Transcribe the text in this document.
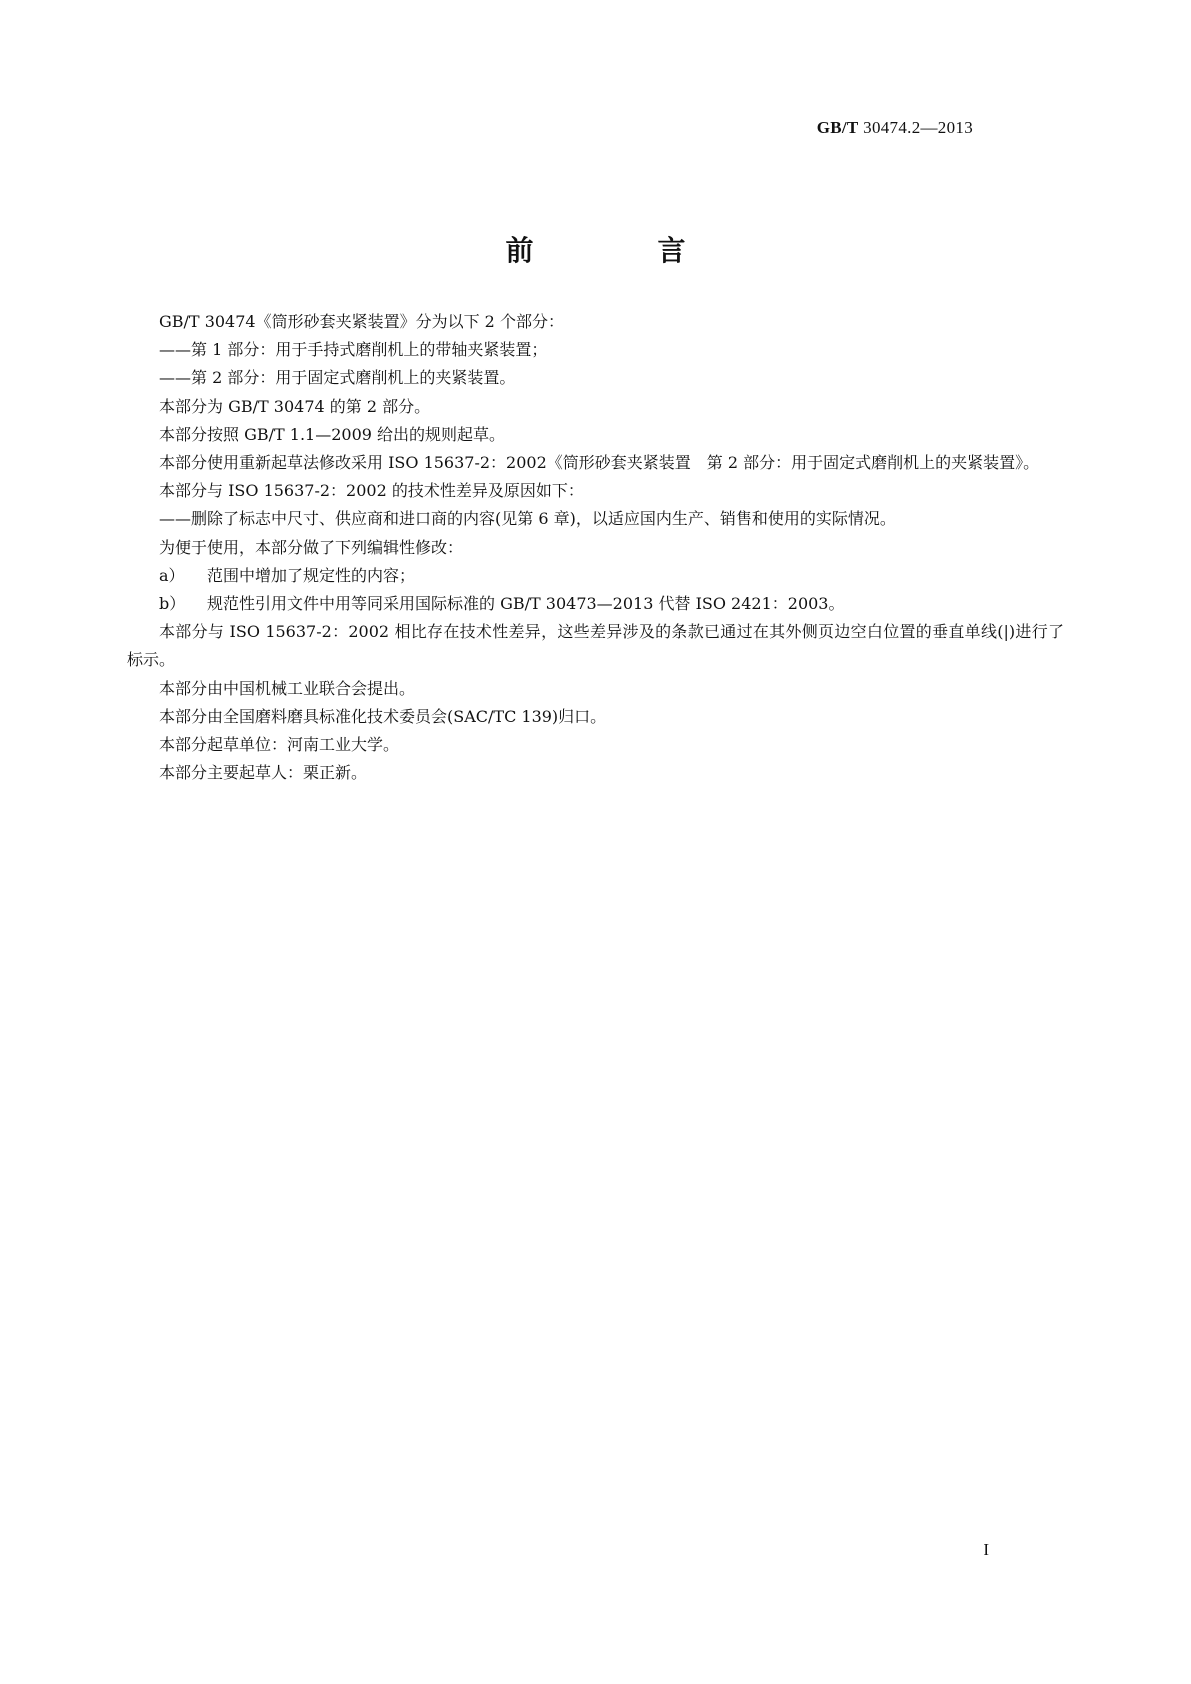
GB/T 30474.2—2013
前　言

GB/T 30474《筒形砂套夹紧装置》分为以下 2 个部分：

——第 1 部分：用于手持式磨削机上的带轴夹紧装置；

——第 2 部分：用于固定式磨削机上的夹紧装置。

本部分为 GB/T 30474 的第 2 部分。

本部分按照 GB/T 1.1—2009 给出的规则起草。

本部分使用重新起草法修改采用 ISO 15637-2：2002《筒形砂套夹紧装置　第 2 部分：用于固定式磨削机上的夹紧装置》。

本部分与 ISO 15637-2：2002 的技术性差异及原因如下：

——删除了标志中尺寸、供应商和进口商的内容(见第 6 章)，以适应国内生产、销售和使用的实际情况。

为便于使用，本部分做了下列编辑性修改：

a）	范围中增加了规定性的内容；
b）	规范性引用文件中用等同采用国际标准的 GB/T 30473—2013 代替 ISO 2421：2003。

本部分与 ISO 15637-2：2002 相比存在技术性差异，这些差异涉及的条款已通过在其外侧页边空白位置的垂直单线(|)进行了标示。

本部分由中国机械工业联合会提出。

本部分由全国磨料磨具标准化技术委员会(SAC/TC 139)归口。

本部分起草单位：河南工业大学。

本部分主要起草人：栗正新。

I
